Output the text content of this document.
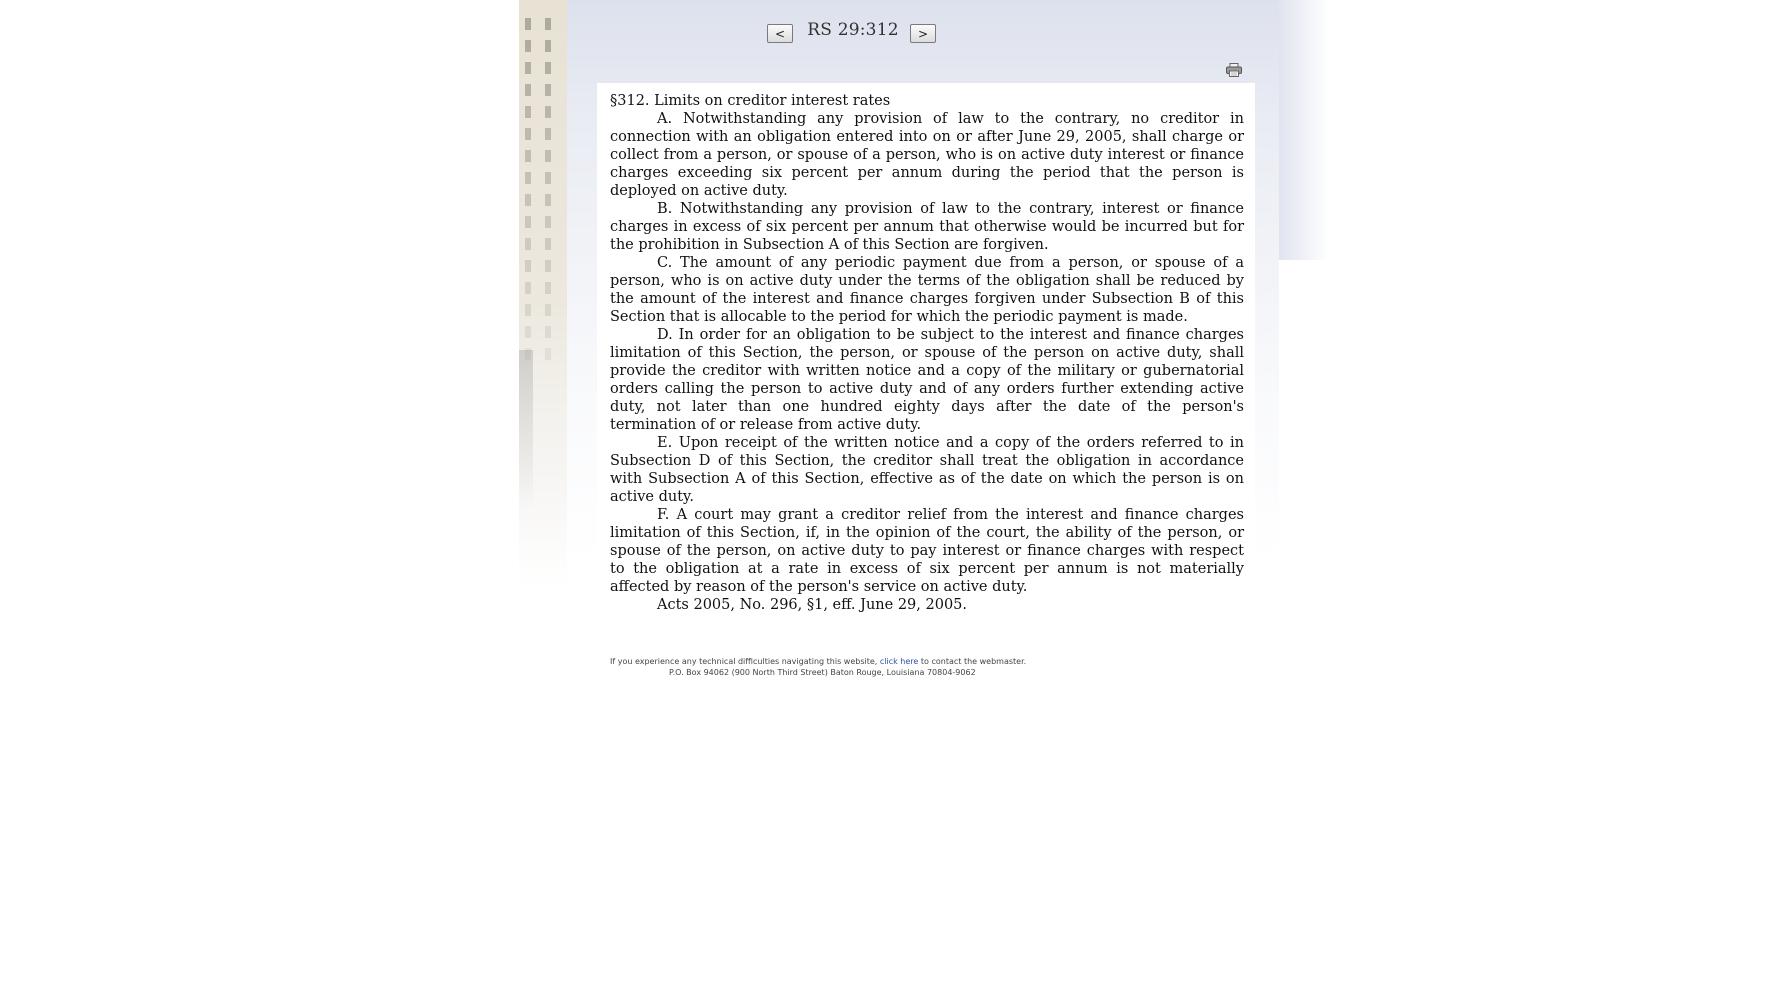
<	RS 29:312	>

§312. Limits on creditor interest rates

A. Notwithstanding any provision of law to the contrary, no creditor in connection with an obligation entered into on or after June 29, 2005, shall charge or collect from a person, or spouse of a person, who is on active duty interest or finance charges exceeding six percent per annum during the period that the person is deployed on active duty.

B. Notwithstanding any provision of law to the contrary, interest or finance charges in excess of six percent per annum that otherwise would be incurred but for the prohibition in Subsection A of this Section are forgiven.

C. The amount of any periodic payment due from a person, or spouse of a person, who is on active duty under the terms of the obligation shall be reduced by the amount of the interest and finance charges forgiven under Subsection B of this Section that is allocable to the period for which the periodic payment is made.

D. In order for an obligation to be subject to the interest and finance charges limitation of this Section, the person, or spouse of the person on active duty, shall provide the creditor with written notice and a copy of the military or gubernatorial orders calling the person to active duty and of any orders further extending active duty, not later than one hundred eighty days after the date of the person's termination of or release from active duty.

E. Upon receipt of the written notice and a copy of the orders referred to in Subsection D of this Section, the creditor shall treat the obligation in accordance with Subsection A of this Section, effective as of the date on which the person is on active duty.

F. A court may grant a creditor relief from the interest and finance charges limitation of this Section, if, in the opinion of the court, the ability of the person, or spouse of the person, on active duty to pay interest or finance charges with respect to the obligation at a rate in excess of six percent per annum is not materially affected by reason of the person's service on active duty.

Acts 2005, No. 296, §1, eff. June 29, 2005.

If you experience any technical difficulties navigating this website, click here to contact the webmaster.
P.O. Box 94062 (900 North Third Street) Baton Rouge, Louisiana 70804-9062
